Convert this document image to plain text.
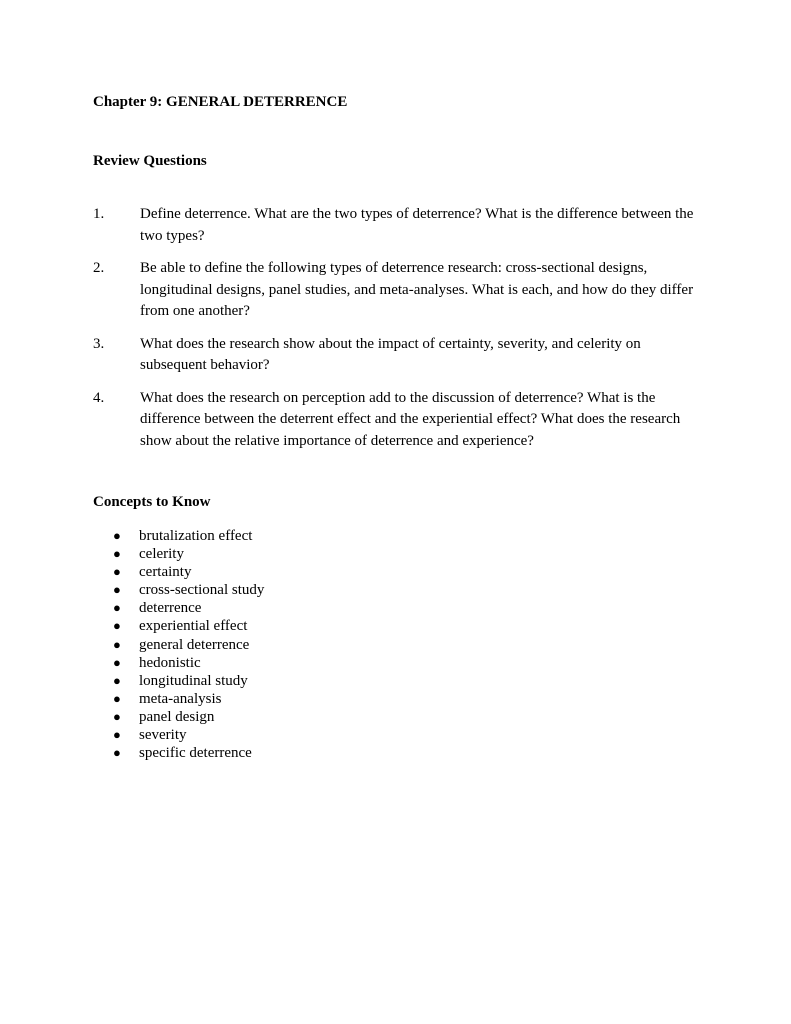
Chapter 9: GENERAL DETERRENCE
Review Questions
1. Define deterrence. What are the two types of deterrence? What is the difference between the two types?
2. Be able to define the following types of deterrence research: cross-sectional designs, longitudinal designs, panel studies, and meta-analyses. What is each, and how do they differ from one another?
3. What does the research show about the impact of certainty, severity, and celerity on subsequent behavior?
4. What does the research on perception add to the discussion of deterrence? What is the difference between the deterrent effect and the experiential effect? What does the research show about the relative importance of deterrence and experience?
Concepts to Know
● brutalization effect
● celerity
● certainty
● cross-sectional study
● deterrence
● experiential effect
● general deterrence
● hedonistic
● longitudinal study
● meta-analysis
● panel design
● severity
● specific deterrence
